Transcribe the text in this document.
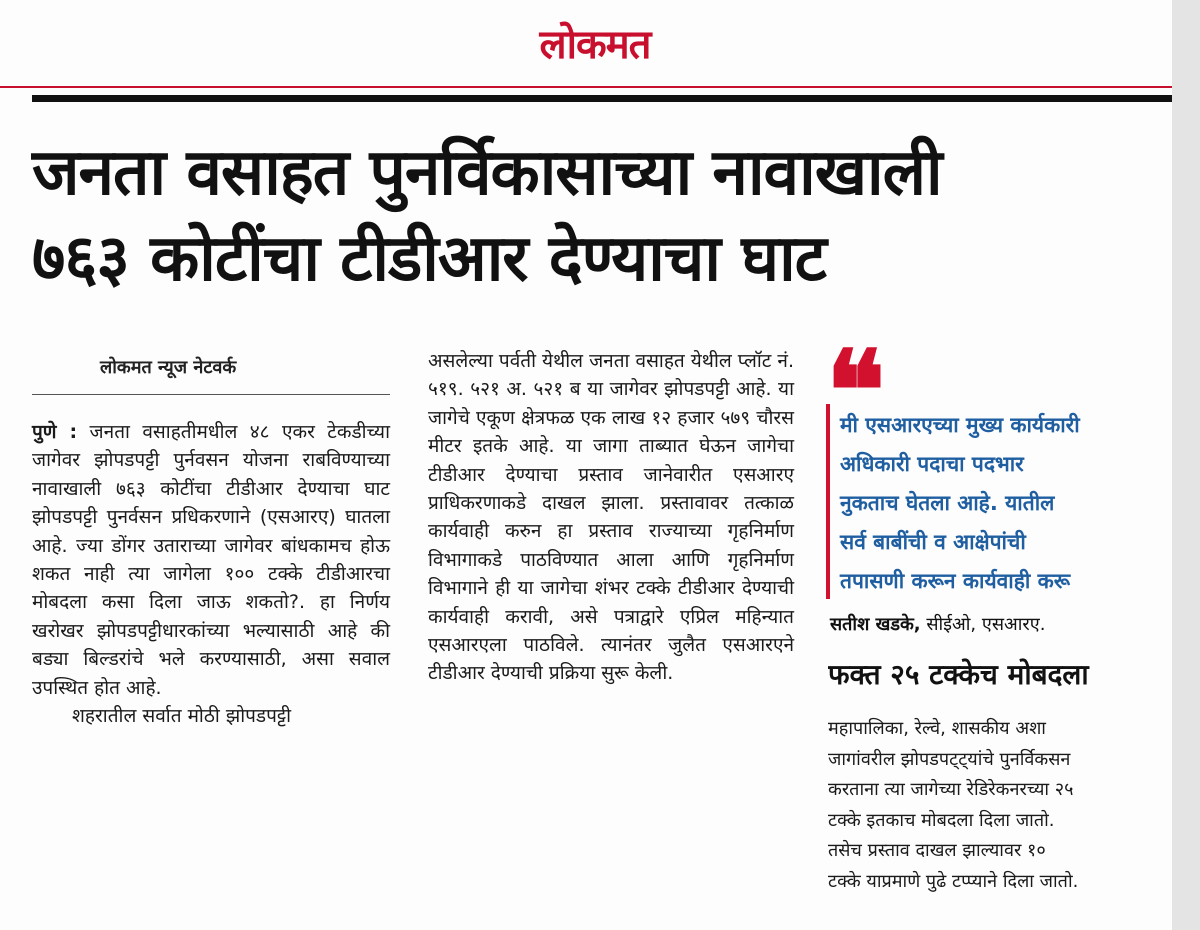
लोकमत
जनता वसाहत पुनर्विकासाच्या नावाखाली
७६३ कोटींचा टीडीआर देण्याचा घाट
लोकमत न्यूज नेटवर्क

पुणे : जनता वसाहतीमधील ४८ एकर टेकडीच्या जागेवर झोपडपट्टी पुर्नवसन योजना राबविण्याच्या नावाखाली ७६३ कोटींचा टीडीआर देण्याचा घाट झोपडपट्टी पुनर्वसन प्रधिकरणाने (एसआरए) घातला आहे. ज्या डोंगर उताराच्या जागेवर बांधकामच होऊ शकत नाही त्या जागेला १०० टक्के टीडीआरचा मोबदला कसा दिला जाऊ शकतो?. हा निर्णय खरोखर झोपडपट्टीधारकांच्या भल्यासाठी आहे की बड्या बिल्डरांचे भले करण्यासाठी, असा सवाल उपस्थित होत आहे.

शहरातील सर्वात मोठी झोपडपट्टी

असलेल्या पर्वती येथील जनता वसाहत येथील प्लॉट नं. ५१९. ५२१ अ. ५२१ ब या जागेवर झोपडपट्टी आहे. या जागेचे एकूण क्षेत्रफळ एक लाख १२ हजार ५७९ चौरस मीटर इतके आहे. या जागा ताब्यात घेऊन जागेचा टीडीआर देण्याचा प्रस्ताव जानेवारीत एसआरए प्राधिकरणाकडे दाखल झाला. प्रस्तावावर तत्काळ कार्यवाही करुन हा प्रस्ताव राज्याच्या गृहनिर्माण विभागाकडे पाठविण्यात आला आणि गृहनिर्माण विभागाने ही या जागेचा शंभर टक्के टीडीआर देण्याची कार्यवाही करावी, असे पत्राद्वारे एप्रिल महिन्यात एसआरएला पाठविले. त्यानंतर जुलैत एसआरएने टीडीआर देण्याची प्रक्रिया सुरू केली.

❝

मी एसआरएच्या मुख्य कार्यकारी
अधिकारी पदाचा पदभार
नुकताच घेतला आहे. यातील
सर्व बाबींची व आक्षेपांची
तपासणी करून कार्यवाही करू

सतीश खडके, सीईओ, एसआरए.
फक्त २५ टक्केच मोबदला
महापालिका, रेल्वे, शासकीय अशा
जागांवरील झोपडपट्ट्यांचे पुनर्विकसन
करताना त्या जागेच्या रेडिरेकनरच्या २५
टक्के इतकाच मोबदला दिला जातो.
तसेच प्रस्ताव दाखल झाल्यावर १०
टक्के याप्रमाणे पुढे टप्प्याने दिला जातो.
